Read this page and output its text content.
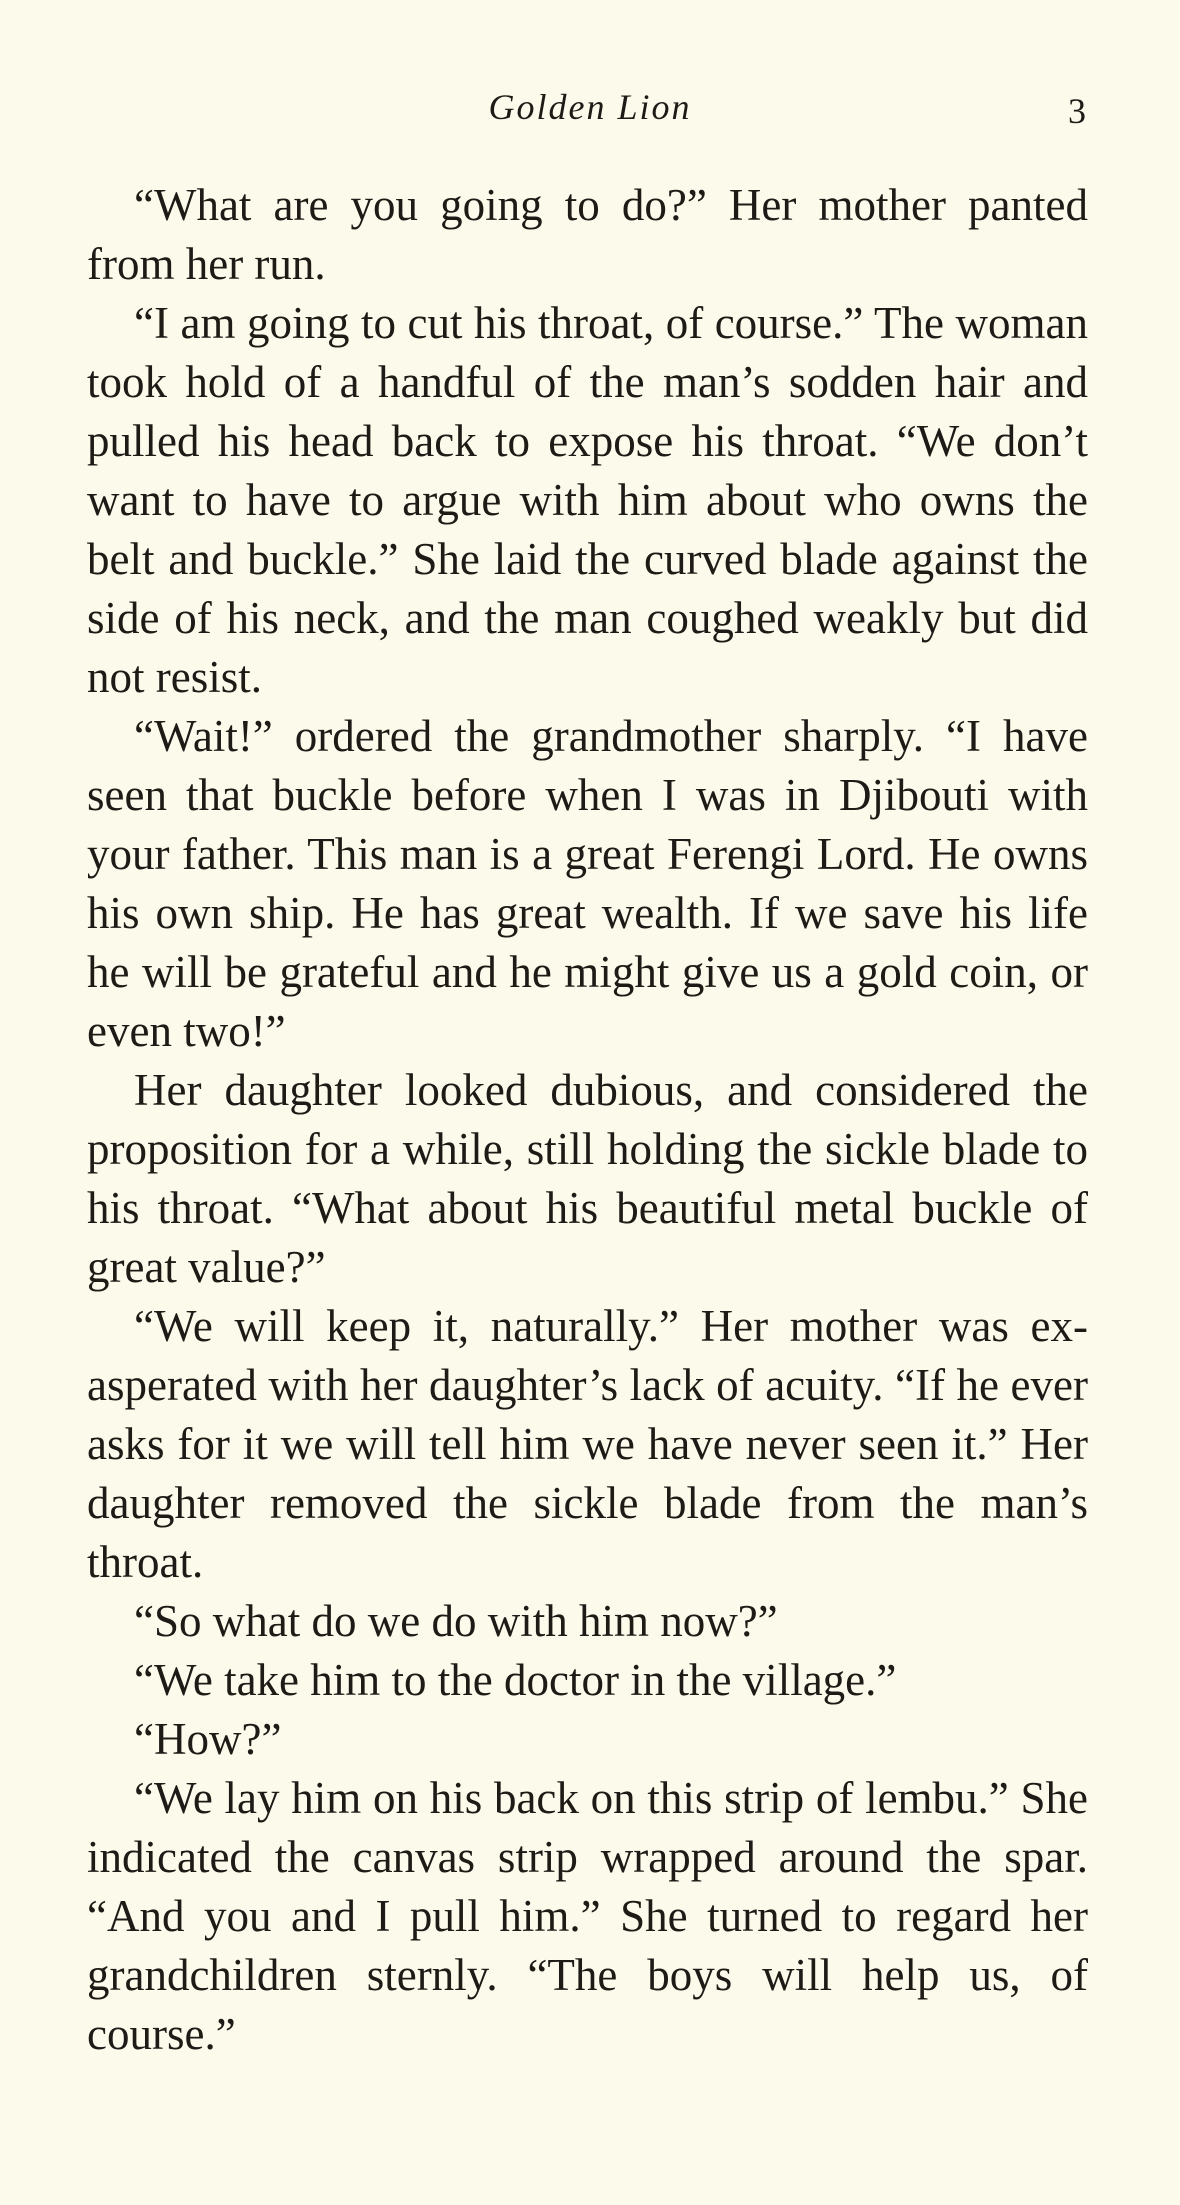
Golden Lion	3

“What are you going to do?” Her mother panted from her run.

“I am going to cut his throat, of course.” The woman took hold of a handful of the man’s sodden hair and pulled his head back to expose his throat. “We don’t want to have to argue with him about who owns the belt and buckle.” She laid the curved blade against the side of his neck, and the man coughed weakly but did not resist.

“Wait!” ordered the grandmother sharply. “I have seen that buckle before when I was in Djibouti with your father. This man is a great Ferengi Lord. He owns his own ship. He has great wealth. If we save his life he will be grateful and he might give us a gold coin, or even two!”

Her daughter looked dubious, and considered the proposition for a while, still holding the sickle blade to his throat. “What about his beautiful metal buckle of great value?”

“We will keep it, naturally.” Her mother was exasperated with her daughter’s lack of acuity. “If he ever asks for it we will tell him we have never seen it.” Her daughter removed the sickle blade from the man’s throat.

“So what do we do with him now?”

“We take him to the doctor in the village.”

“How?”

“We lay him on his back on this strip of lembu.” She indicated the canvas strip wrapped around the spar. “And you and I pull him.” She turned to regard her grandchildren sternly. “The boys will help us, of course.”
